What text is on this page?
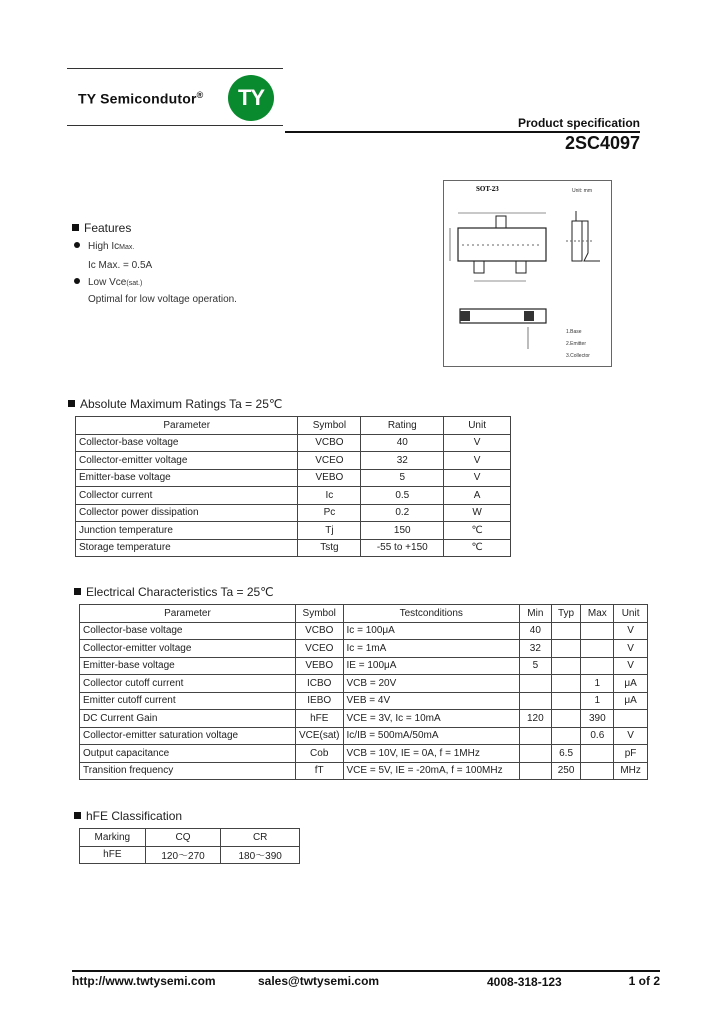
TY Semicondutor® TY
Product specification
2SC4097
SOT-23	Unit: mm
1.Base
2.Emitter
3.Collector
Features
High IcMax.
Ic Max. = 0.5A
Low Vce(sat.)
Optimal for low voltage operation.
Absolute Maximum Ratings Ta = 25℃
Parameter	Symbol	Rating	Unit
Collector-base voltage	VCBO	40	V
Collector-emitter voltage	VCEO	32	V
Emitter-base voltage	VEBO	5	V
Collector current	Ic	0.5	A
Collector power dissipation	Pc	0.2	W
Junction temperature	Tj	150	℃
Storage temperature	Tstg	-55 to +150	℃
Electrical Characteristics Ta = 25℃
Parameter	Symbol	Testconditions	Min	Typ	Max	Unit
Collector-base voltage	VCBO	Ic = 100μA	40			V
Collector-emitter voltage	VCEO	Ic = 1mA	32			V
Emitter-base voltage	VEBO	IE = 100μA	5			V
Collector cutoff current	ICBO	VCB = 20V			1	μA
Emitter cutoff current	IEBO	VEB = 4V			1	μA
DC Current Gain	hFE	VCE = 3V, Ic = 10mA	120		390	
Collector-emitter saturation voltage	VCE(sat)	Ic/IB = 500mA/50mA			0.6	V
Output capacitance	Cob	VCB = 10V, IE = 0A, f = 1MHz		6.5		pF
Transition frequency	fT	VCE = 5V, IE = -20mA, f = 100MHz		250		MHz
hFE Classification
Marking	CQ	CR
hFE	120～270	180～390
http://www.twtysemi.com	sales@twtysemi.com	4008-318-123	1 of 2
